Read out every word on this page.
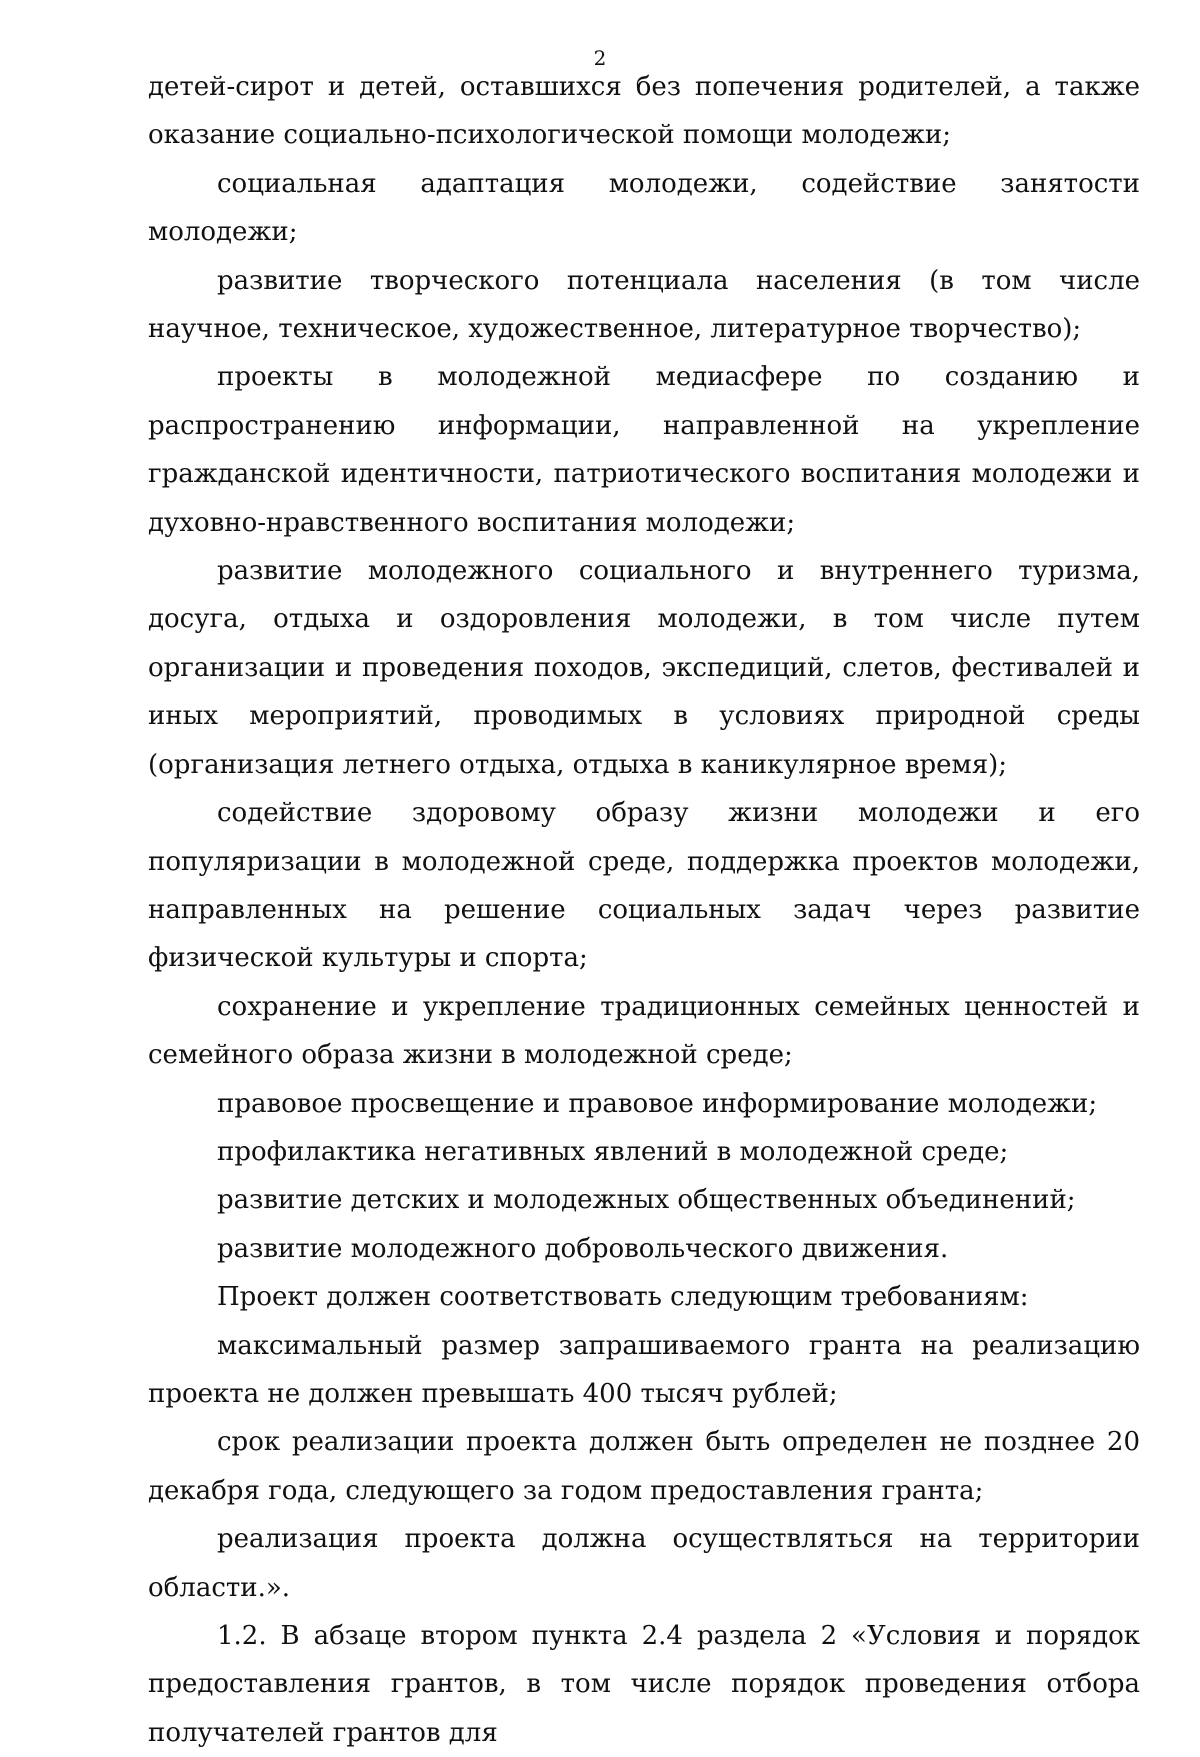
2

детей-сирот и детей, оставшихся без попечения родителей, а также оказание социально-психологической помощи молодежи;

социальная адаптация молодежи, содействие занятости молодежи;

развитие творческого потенциала населения (в том числе научное, техническое, художественное, литературное творчество);

проекты в молодежной медиасфере по созданию и распространению информации, направленной на укрепление гражданской идентичности, патриотического воспитания молодежи и духовно-нравственного воспитания молодежи;

развитие молодежного социального и внутреннего туризма, досуга, отдыха и оздоровления молодежи, в том числе путем организации и проведения походов, экспедиций, слетов, фестивалей и иных мероприятий, проводимых в условиях природной среды (организация летнего отдыха, отдыха в каникулярное время);

содействие здоровому образу жизни молодежи и его популяризации в молодежной среде, поддержка проектов молодежи, направленных на решение социальных задач через развитие физической культуры и спорта;

сохранение и укрепление традиционных семейных ценностей и семейного образа жизни в молодежной среде;

правовое просвещение и правовое информирование молодежи;

профилактика негативных явлений в молодежной среде;

развитие детских и молодежных общественных объединений;

развитие молодежного добровольческого движения.

Проект должен соответствовать следующим требованиям:

максимальный размер запрашиваемого гранта на реализацию проекта не должен превышать 400 тысяч рублей;

срок реализации проекта должен быть определен не позднее 20 декабря года, следующего за годом предоставления гранта;

реализация проекта должна осуществляться на территории области.».

1.2. В абзаце втором пункта 2.4 раздела 2 «Условия и порядок предоставления грантов, в том числе порядок проведения отбора получателей грантов для
